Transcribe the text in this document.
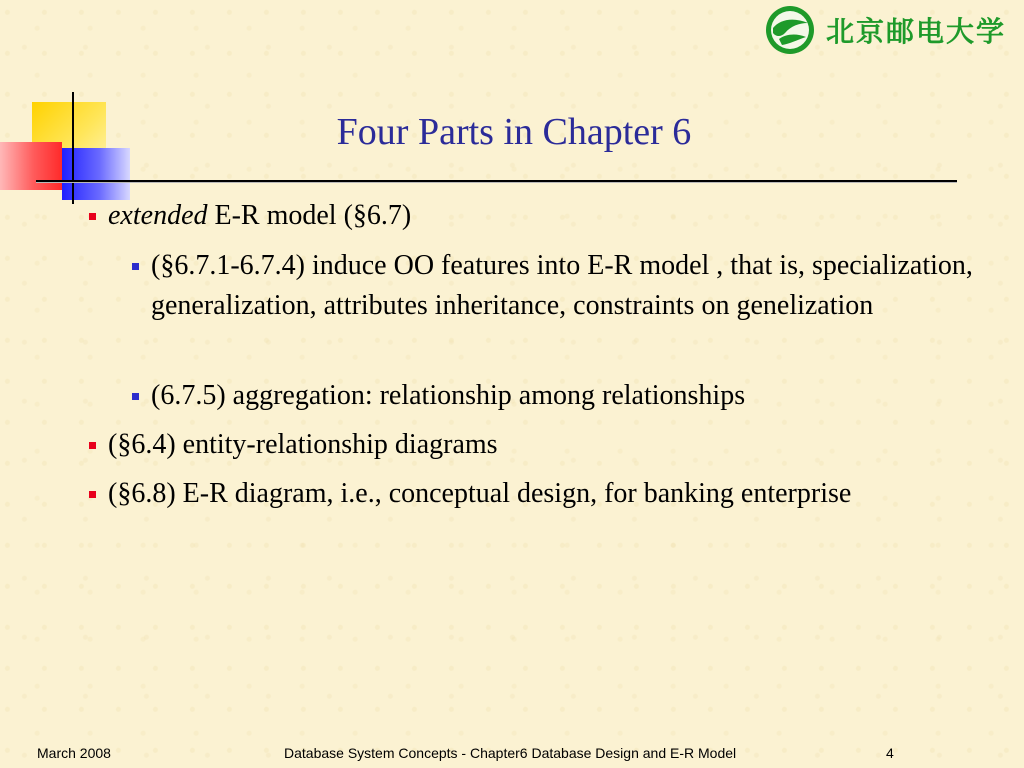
北京邮电大学
Four Parts in Chapter 6
extended E-R model (§6.7)
(§6.7.1-6.7.4) induce OO features into E-R model , that is, specialization, generalization, attributes inheritance, constraints on genelization
(6.7.5) aggregation: relationship among relationships
(§6.4) entity-relationship diagrams
(§6.8) E-R diagram, i.e., conceptual design, for banking enterprise
March 2008	Database System Concepts - Chapter6 Database Design and E-R Model	4
